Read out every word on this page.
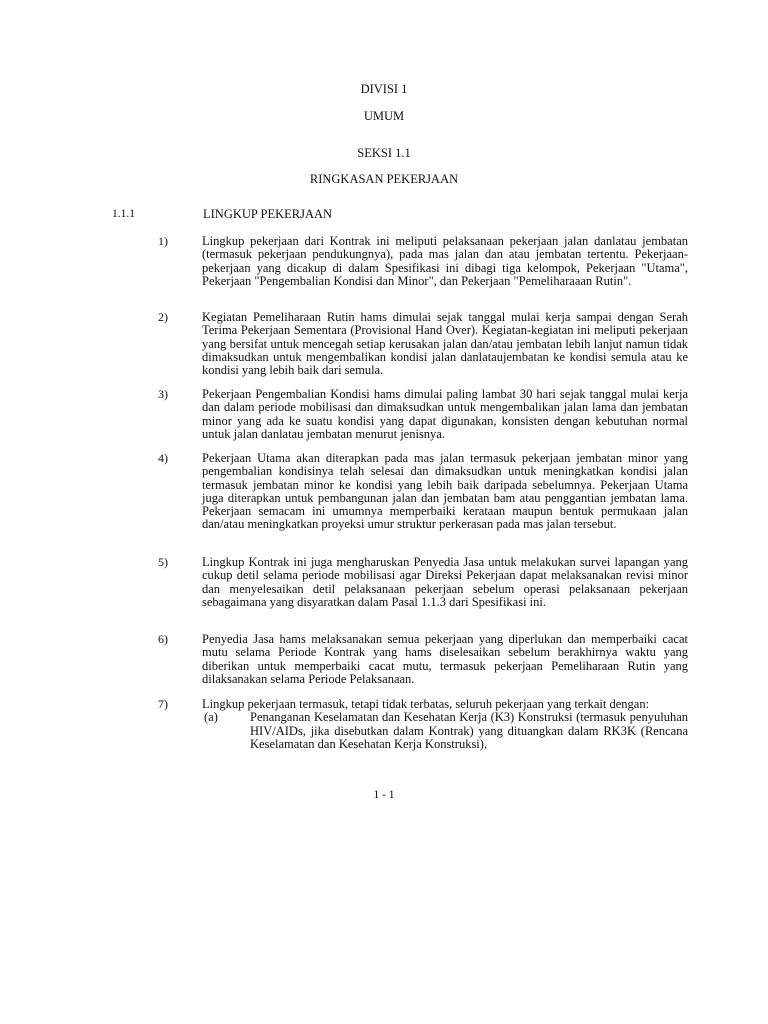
DIVISI 1
UMUM
SEKSI 1.1
RINGKASAN PEKERJAAN
1.1.1	LINGKUP PEKERJAAN
1)	Lingkup pekerjaan dari Kontrak ini meliputi pelaksanaan pekerjaan jalan danlatau jembatan (termasuk pekerjaan pendukungnya), pada mas jalan dan atau jembatan tertentu. Pekerjaan-pekerjaan yang dicakup di dalam Spesifikasi ini dibagi tiga kelompok, Pekerjaan "Utama", Pekerjaan "Pengembalian Kondisi dan Minor", dan Pekerjaan "Pemeliharaaan Rutin".
2)	Kegiatan Pemeliharaan Rutin hams dimulai sejak tanggal mulai kerja sampai dengan Serah Terima Pekerjaan Sementara (Provisional Hand Over). Kegiatan-kegiatan ini meliputi pekerjaan yang bersifat untuk mencegah setiap kerusakan jalan dan/atau jembatan lebih lanjut namun tidak dimaksudkan untuk mengembalikan kondisi jalan danlataujembatan ke kondisi semula atau ke kondisi yang lebih baik dari semula.
3)	Pekerjaan Pengembalian Kondisi hams dimulai paling lambat 30 hari sejak tanggal mulai kerja dan dalam periode mobilisasi dan dimaksudkan untuk mengembalikan jalan lama dan jembatan minor yang ada ke suatu kondisi yang dapat digunakan, konsisten dengan kebutuhan normal untuk jalan danlatau jembatan menurut jenisnya.
4)	Pekerjaan Utama akan diterapkan pada mas jalan termasuk pekerjaan jembatan minor yang pengembalian kondisinya telah selesai dan dimaksudkan untuk meningkatkan kondisi jalan termasuk jembatan minor ke kondisi yang lebih baik daripada sebelumnya. Pekerjaan Utama juga diterapkan untuk pembangunan jalan dan jembatan bam atau penggantian jembatan lama. Pekerjaan semacam ini umumnya memperbaiki kerataan maupun bentuk permukaan jalan dan/atau meningkatkan proyeksi umur struktur perkerasan pada mas jalan tersebut.
5)	Lingkup Kontrak ini juga mengharuskan Penyedia Jasa untuk melakukan survei lapangan yang cukup detil selama periode mobilisasi agar Direksi Pekerjaan dapat melaksanakan revisi minor dan menyelesaikan detil pelaksanaan pekerjaan sebelum operasi pelaksanaan pekerjaan sebagaimana yang disyaratkan dalam Pasal 1.1.3 dari Spesifikasi ini.
6)	Penyedia Jasa hams melaksanakan semua pekerjaan yang diperlukan dan memperbaiki cacat mutu selama Periode Kontrak yang hams diselesaikan sebelum berakhirnya waktu yang diberikan untuk memperbaiki cacat mutu, termasuk pekerjaan Pemeliharaan Rutin yang dilaksanakan selama Periode Pelaksanaan.
7)	Lingkup pekerjaan termasuk, tetapi tidak terbatas, seluruh pekerjaan yang terkait dengan:
(a)	Penanganan Keselamatan dan Kesehatan Kerja (K3) Konstruksi (termasuk penyuluhan HIV/AIDs, jika disebutkan dalam Kontrak) yang dituangkan dalam RK3K (Rencana Keselamatan dan Kesehatan Kerja Konstruksi),
1 - 1
